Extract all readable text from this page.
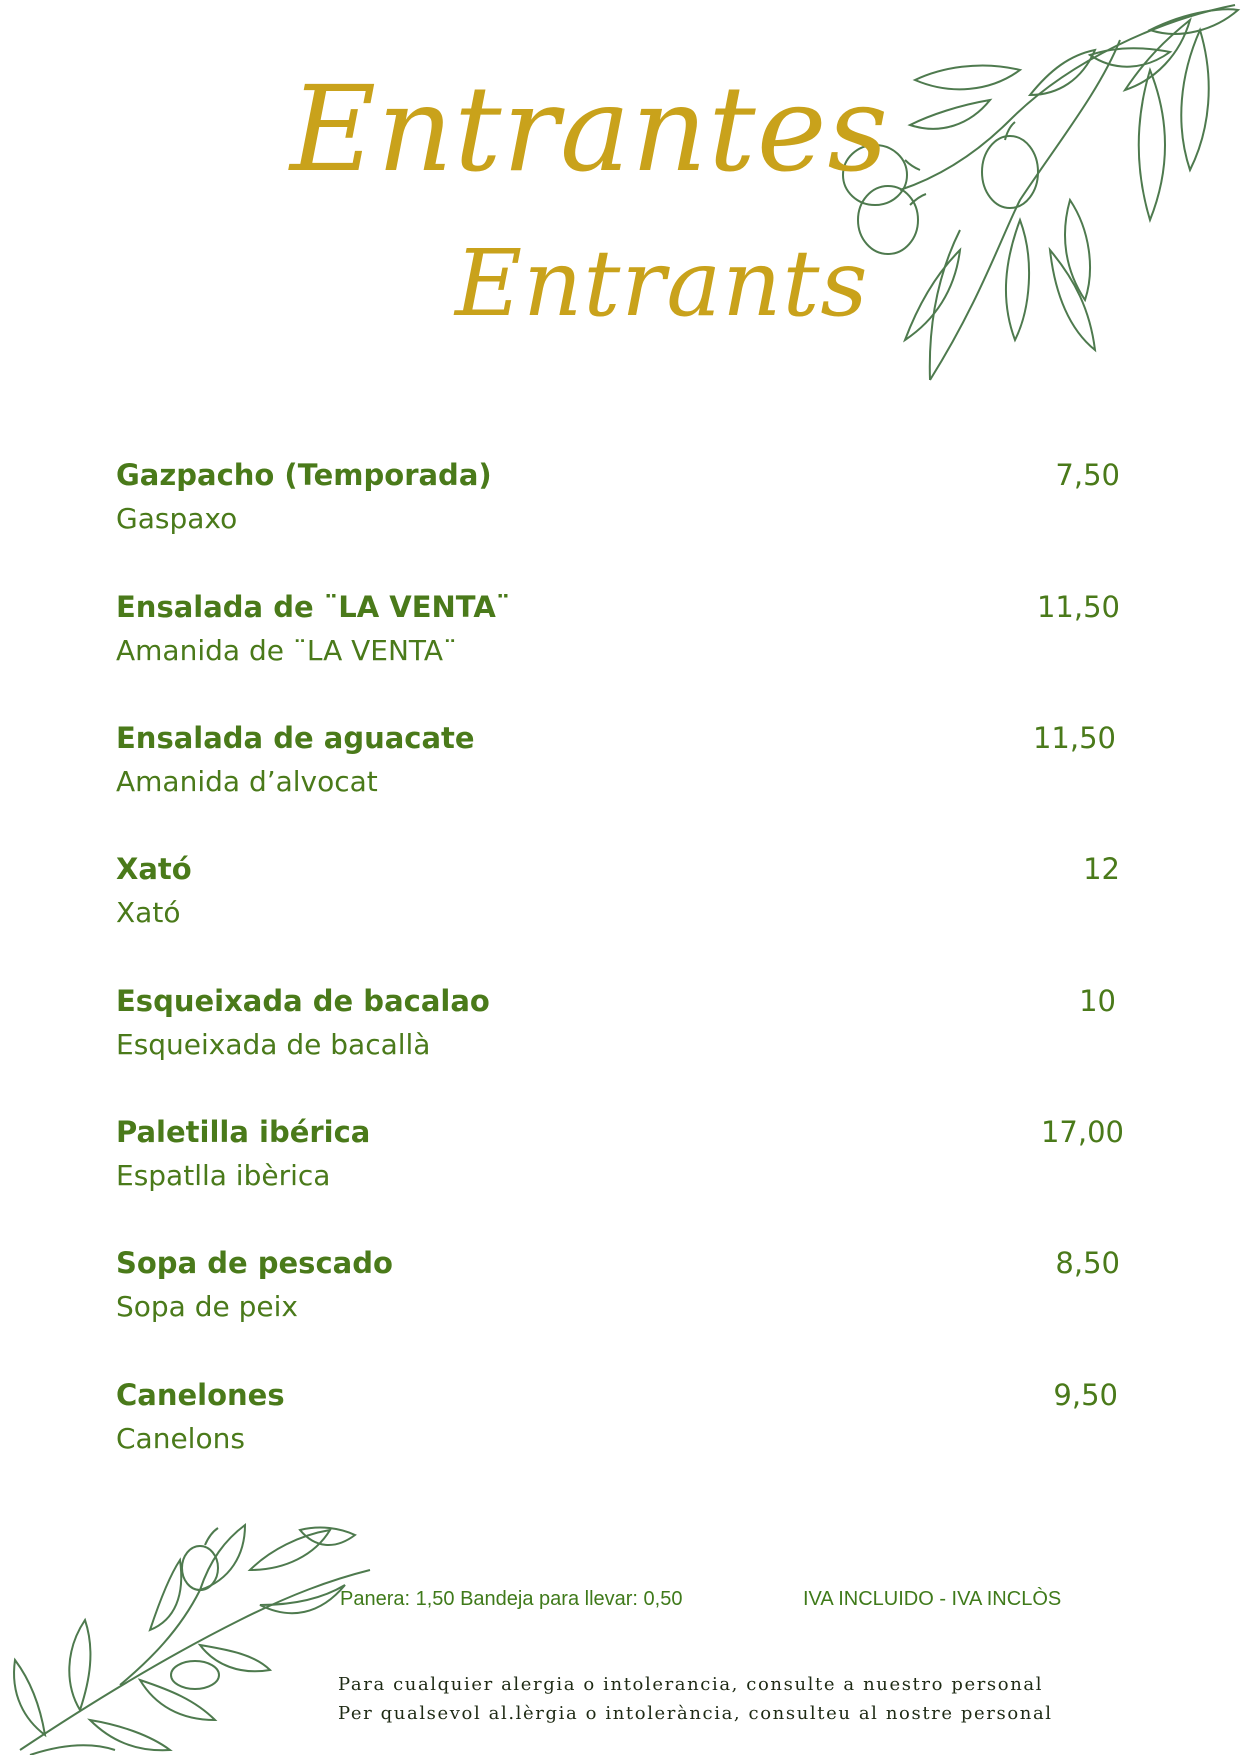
Entrantes
Entrants
Gazpacho (Temporada)
Gaspaxo
7,50
Ensalada de ¨LA VENTA¨
Amanida de ¨LA VENTA¨
11,50
Ensalada de aguacate
Amanida d’alvocat
11,50
Xató
Xató
12
Esqueixada de bacalao
Esqueixada de bacallà
10
Paletilla ibérica
Espatlla ibèrica
17,00
Sopa de pescado
Sopa de peix
8,50
Canelones
Canelons
9,50
Panera: 1,50 Bandeja para llevar: 0,50	IVA INCLUIDO - IVA INCLÒS
Para cualquier alergia o intolerancia, consulte a nuestro personal
Per qualsevol al.lèrgia o intolerància, consulteu al nostre personal
